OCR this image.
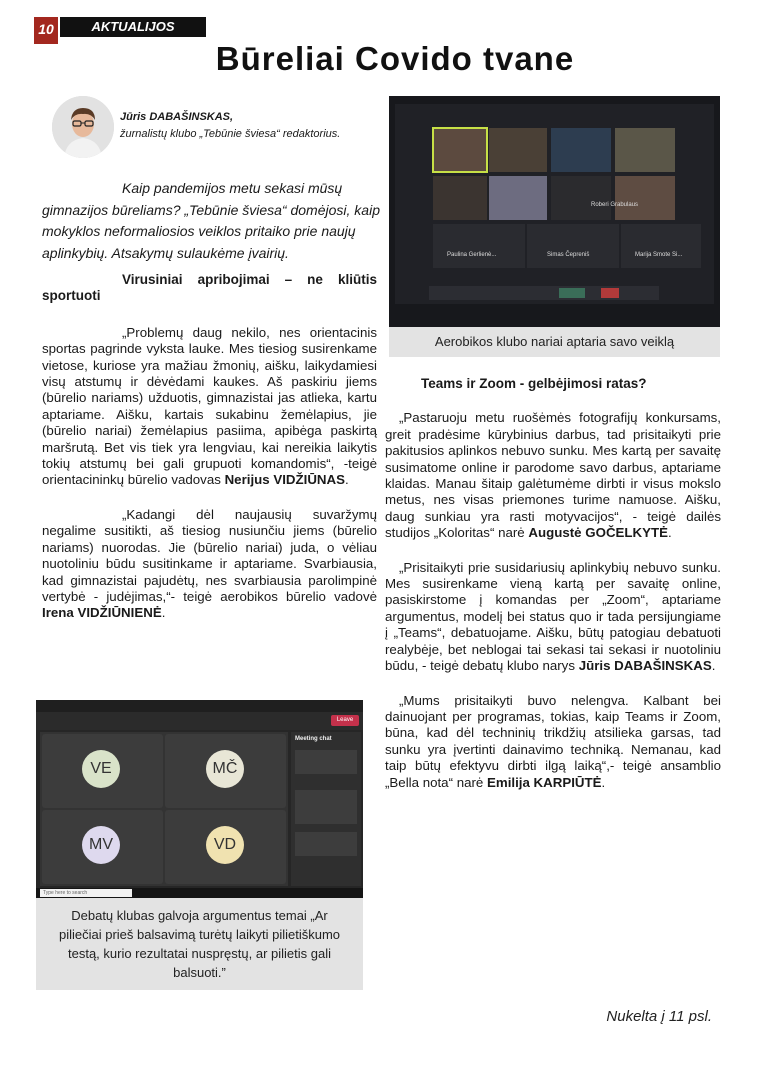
10	AKTUALIJOS
Būreliai Covido tvane
Jūris DABAŠINSKAS,
žurnalistų klubo „Tebūnie šviesa“ redaktorius.
Kaip pandemijos metu sekasi mūsų gimnazijos būreliams? „Tebūnie šviesa“ domėjosi, kaip mokyklos neformaliosios veiklos pritaiko prie naujų aplinkybių. Atsakymų sulaukėme įvairių.

Virusiniai apribojimai – ne kliūtis sportuoti

„Problemų daug nekilo, nes orientacinis sportas pagrinde vyksta lauke. Mes tiesiog susirenkame vietose, kuriose yra mažiau žmonių, aišku, laikydamiesi visų atstumų ir dėvėdami kaukes. Aš paskiriu jiems (būrelio nariams) užduotis, gimnazistai jas atlieka, kartu aptariame. Aišku, kartais sukabinu žemėlapius, jie (būrelio nariai) žemėlapius pasiima, apibėga paskirtą maršrutą. Bet vis tiek yra lengviau, kai nereikia laikytis tokių atstumų bei gali grupuoti komandomis“, -teigė orientacininkų būrelio vadovas Nerijus VIDŽIŪNAS.

„Kadangi dėl naujausių suvaržymų negalime susitikti, aš tiesiog nusiunčiu jiems (būrelio nariams) nuorodas. Jie (būrelio nariai) juda, o vėliau nuotoliniu būdu susitinkame ir aptariame. Svarbiausia, kad gimnazistai pajudėtų, nes svarbiausia parolimpinė vertybė - judėjimas,“- teigė aerobikos būrelio vadovė Irena VIDŽIŪNIENĖ.

Roberi Grabulaus
Paulina Gerlienė...	Simas Čepreniš	Marija Smote Si...
Aerobikos klubo nariai aptaria savo veiklą

Teams ir Zoom - gelbėjimosi ratas?

„Pastaruoju metu ruošėmės fotografijų konkursams, greit pradėsime kūrybinius darbus, tad prisitaikyti prie pakitusios aplinkos nebuvo sunku. Mes kartą per savaitę susimatome online ir parodome savo darbus, aptariame klaidas. Manau šitaip galėtumėme dirbti ir visus mokslo metus, nes visas priemones turime namuose. Aišku, daug sunkiau yra rasti motyvacijos“, - teigė dailės studijos „Koloritas“ narė Augustė GOČELKYTĖ.

„Prisitaikyti prie susidariusių aplinkybių nebuvo sunku. Mes susirenkame vieną kartą per savaitę online, pasiskirstome į komandas per „Zoom“, aptariame argumentus, modelį bei status quo ir tada persijungiame į „Teams“, debatuojame. Aišku, būtų patogiau debatuoti realybėje, bet neblogai tai sekasi tai sekasi ir nuotoliniu būdu, - teigė debatų klubo narys Jūris DABAŠINSKAS.

„Mums prisitaikyti buvo nelengva. Kalbant bei dainuojant per programas, tokias, kaip Teams ir Zoom, būna, kad dėl techninių trikdžių atsilieka garsas, tad sunku yra įvertinti dainavimo techniką. Nemanau, kad taip būtų efektyvu dirbti ilgą laiką“,- teigė ansamblio „Bella nota“ narė Emilija KARPIŪTĖ.

Leave
VE	MČ
MV	VD
Meeting chat
Type here to search
Debatų klubas galvoja argumentus temai „Ar piliečiai prieš balsavimą turėtų laikyti pilietiškumo testą, kurio rezultatai nuspręstų, ar pilietis gali balsuoti.”
Nukelta į 11 psl.
